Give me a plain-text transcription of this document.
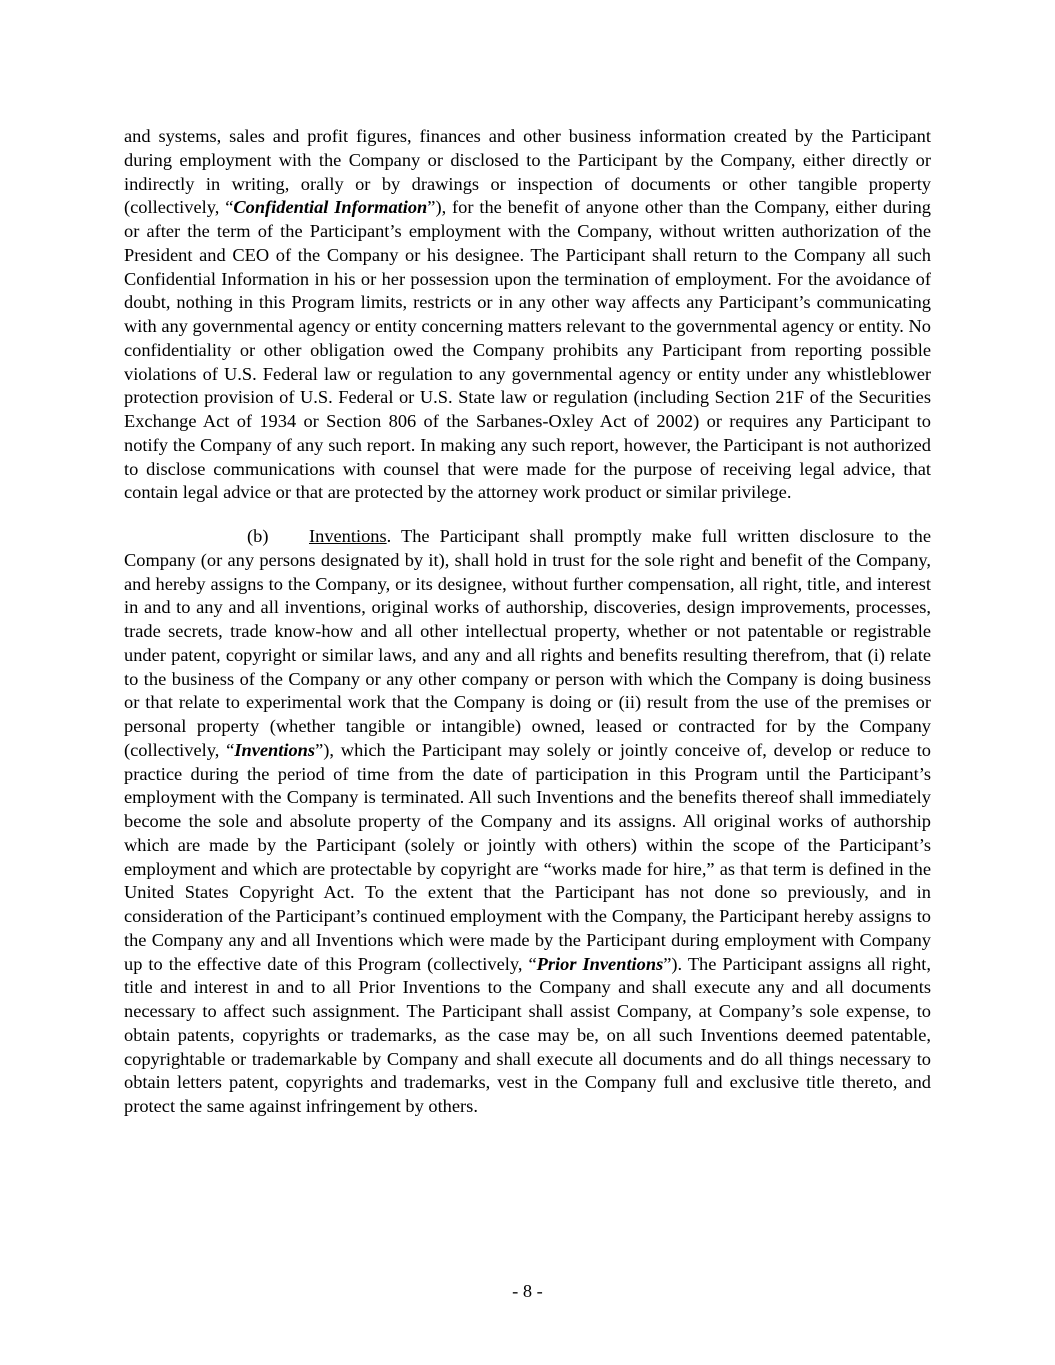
and systems, sales and profit figures, finances and other business information created by the Participant during employment with the Company or disclosed to the Participant by the Company, either directly or indirectly in writing, orally or by drawings or inspection of documents or other tangible property (collectively, “Confidential Information”), for the benefit of anyone other than the Company, either during or after the term of the Participant’s employment with the Company, without written authorization of the President and CEO of the Company or his designee. The Participant shall return to the Company all such Confidential Information in his or her possession upon the termination of employment. For the avoidance of doubt, nothing in this Program limits, restricts or in any other way affects any Participant’s communicating with any governmental agency or entity concerning matters relevant to the governmental agency or entity. No confidentiality or other obligation owed the Company prohibits any Participant from reporting possible violations of U.S. Federal law or regulation to any governmental agency or entity under any whistleblower protection provision of U.S. Federal or U.S. State law or regulation (including Section 21F of the Securities Exchange Act of 1934 or Section 806 of the Sarbanes-Oxley Act of 2002) or requires any Participant to notify the Company of any such report. In making any such report, however, the Participant is not authorized to disclose communications with counsel that were made for the purpose of receiving legal advice, that contain legal advice or that are protected by the attorney work product or similar privilege.

(b) Inventions. The Participant shall promptly make full written disclosure to the Company (or any persons designated by it), shall hold in trust for the sole right and benefit of the Company, and hereby assigns to the Company, or its designee, without further compensation, all right, title, and interest in and to any and all inventions, original works of authorship, discoveries, design improvements, processes, trade secrets, trade know-how and all other intellectual property, whether or not patentable or registrable under patent, copyright or similar laws, and any and all rights and benefits resulting therefrom, that (i) relate to the business of the Company or any other company or person with which the Company is doing business or that relate to experimental work that the Company is doing or (ii) result from the use of the premises or personal property (whether tangible or intangible) owned, leased or contracted for by the Company (collectively, “Inventions”), which the Participant may solely or jointly conceive of, develop or reduce to practice during the period of time from the date of participation in this Program until the Participant’s employment with the Company is terminated. All such Inventions and the benefits thereof shall immediately become the sole and absolute property of the Company and its assigns. All original works of authorship which are made by the Participant (solely or jointly with others) within the scope of the Participant’s employment and which are protectable by copyright are “works made for hire,” as that term is defined in the United States Copyright Act. To the extent that the Participant has not done so previously, and in consideration of the Participant’s continued employment with the Company, the Participant hereby assigns to the Company any and all Inventions which were made by the Participant during employment with Company up to the effective date of this Program (collectively, “Prior Inventions”). The Participant assigns all right, title and interest in and to all Prior Inventions to the Company and shall execute any and all documents necessary to affect such assignment. The Participant shall assist Company, at Company’s sole expense, to obtain patents, copyrights or trademarks, as the case may be, on all such Inventions deemed patentable, copyrightable or trademarkable by Company and shall execute all documents and do all things necessary to obtain letters patent, copyrights and trademarks, vest in the Company full and exclusive title thereto, and protect the same against infringement by others.

- 8 -
